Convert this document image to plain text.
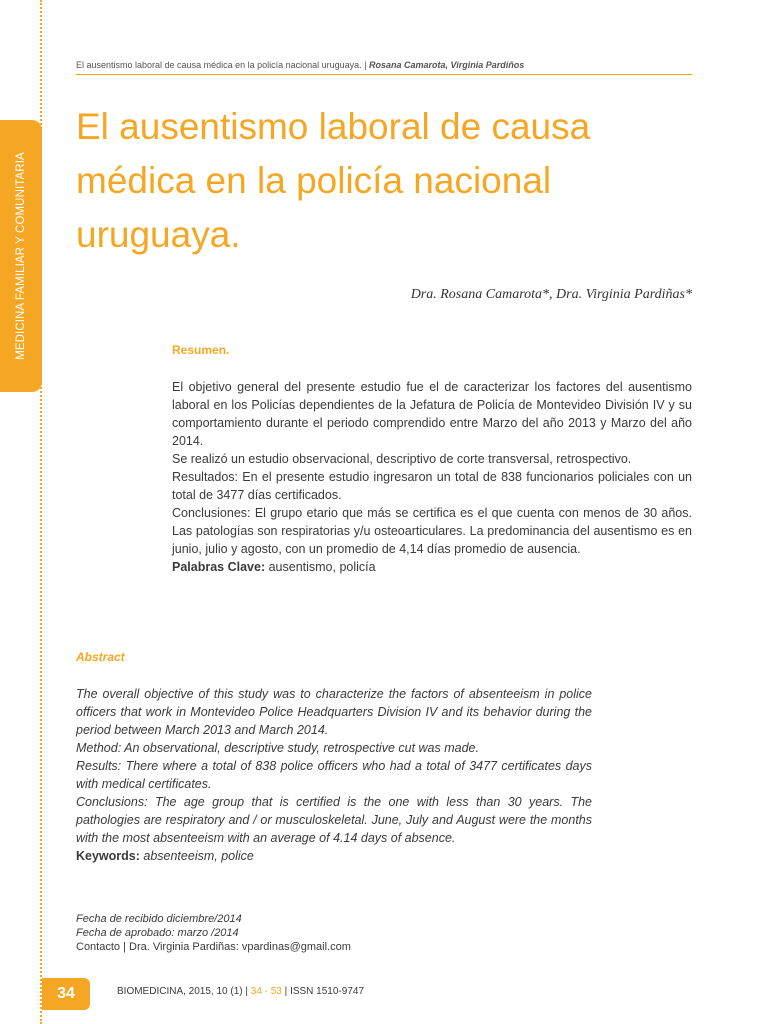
MEDICINA FAMILIAR Y COMUNITARIA
El ausentismo laboral de causa médica en la policía nacional uruguaya. | Rosana Camarota, Virginia Pardiños
El ausentismo laboral de causa médica en la policía nacional uruguaya.

Dra. Rosana Camarota*, Dra. Virginia Pardiñas*

Resumen.

El objetivo general del presente estudio fue el de caracterizar los factores del ausentismo laboral en los Policías dependientes de la Jefatura de Policía de Montevideo División IV y su comportamiento durante el periodo comprendido entre Marzo del año 2013 y Marzo del año 2014.

Se realizó un estudio observacional, descriptivo de corte transversal, retrospectivo.

Resultados: En el presente estudio ingresaron un total de 838 funcionarios policiales con un total de 3477 días certificados.

Conclusiones: El grupo etario que más se certifica es el que cuenta con menos de 30 años. Las patologías son respiratorias y/u osteoarticulares. La predominancia del ausentismo es en junio, julio y agosto, con un promedio de 4,14 días promedio de ausencia.

Palabras Clave: ausentismo, policía

Abstract

The overall objective of this study was to characterize the factors of absenteeism in police officers that work in Montevideo Police Headquarters Division IV and its behavior during the period between March 2013 and March 2014.

Method: An observational, descriptive study, retrospective cut was made.

Results: There where a total of 838 police officers who had a total of 3477 certificates days with medical certificates.

Conclusions: The age group that is certified is the one with less than 30 years. The pathologies are respiratory and / or musculoskeletal. June, July and August were the months with the most absenteeism with an average of 4.14 days of absence.

Keywords: absenteeism, police

Fecha de recibido diciembre/2014
Fecha de aprobado: marzo /2014
Contacto | Dra. Virginia Pardiñas: vpardinas@gmail.com
34	BIOMEDICINA, 2015, 10 (1) | 34 - 53 | ISSN 1510-9747
